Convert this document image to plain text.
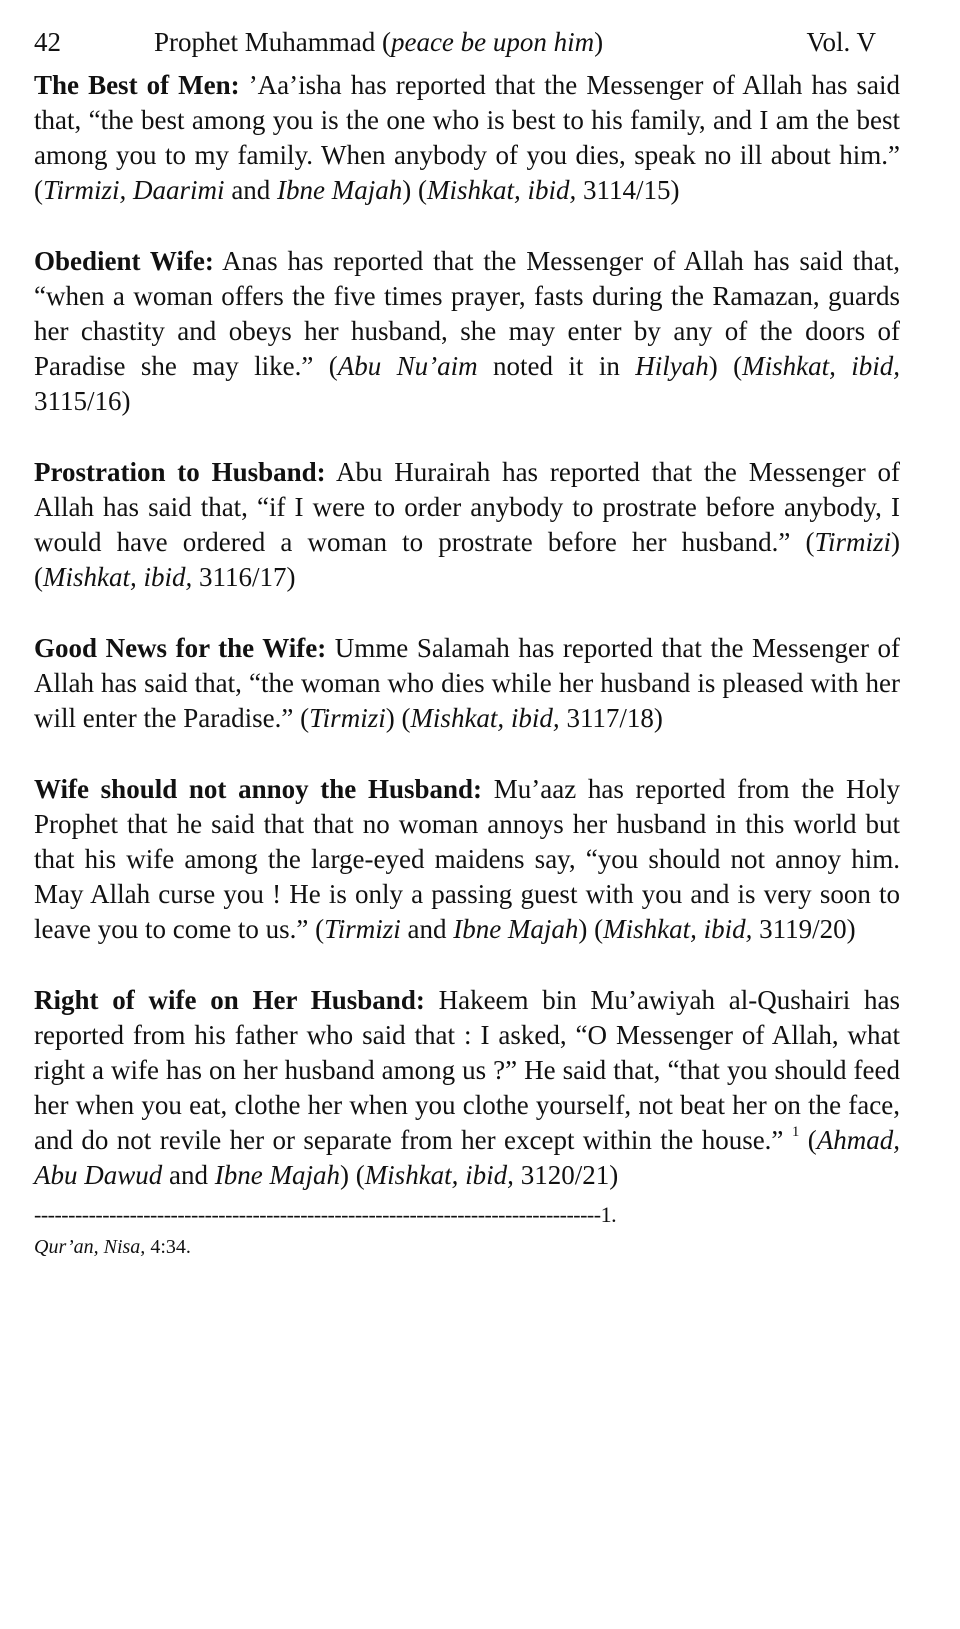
42	Prophet Muhammad (peace be upon him)	Vol. V

The Best of Men: ’Aa’isha has reported that the Messenger of Allah has said that, “the best among you is the one who is best to his family, and I am the best among you to my family. When anybody of you dies, speak no ill about him.” (Tirmizi, Daarimi and Ibne Majah) (Mishkat, ibid, 3114/15)

Obedient Wife: Anas has reported that the Messenger of Allah has said that, “when a woman offers the five times prayer, fasts during the Ramazan, guards her chastity and obeys her husband, she may enter by any of the doors of Paradise she may like.” (Abu Nu’aim noted it in Hilyah) (Mishkat, ibid, 3115/16)

Prostration to Husband: Abu Hurairah has reported that the Messenger of Allah has said that, “if I were to order anybody to prostrate before anybody, I would have ordered a woman to prostrate before her husband.” (Tirmizi) (Mishkat, ibid, 3116/17)

Good News for the Wife: Umme Salamah has reported that the Messenger of Allah has said that, “the woman who dies while her husband is pleased with her will enter the Paradise.” (Tirmizi) (Mishkat, ibid, 3117/18)

Wife should not annoy the Husband: Mu’aaz has reported from the Holy Prophet that he said that that no woman annoys her husband in this world but that his wife among the large-eyed maidens say, “you should not annoy him. May Allah curse you ! He is only a passing guest with you and is very soon to leave you to come to us.” (Tirmizi and Ibne Majah) (Mishkat, ibid, 3119/20)

Right of wife on Her Husband: Hakeem bin Mu’awiyah al-Qushairi has reported from his father who said that : I asked, “O Messenger of Allah, what right a wife has on her husband among us ?” He said that, “that you should feed her when you eat, clothe her when you clothe yourself, not beat her on the face, and do not revile her or separate from her except within the house.” $^1$ (Ahmad, Abu Dawud and Ibne Majah) (Mishkat, ibid, 3120/21)

-----------------------------------------------------------------------------------1.
Qur’an, Nisa, 4:34.
